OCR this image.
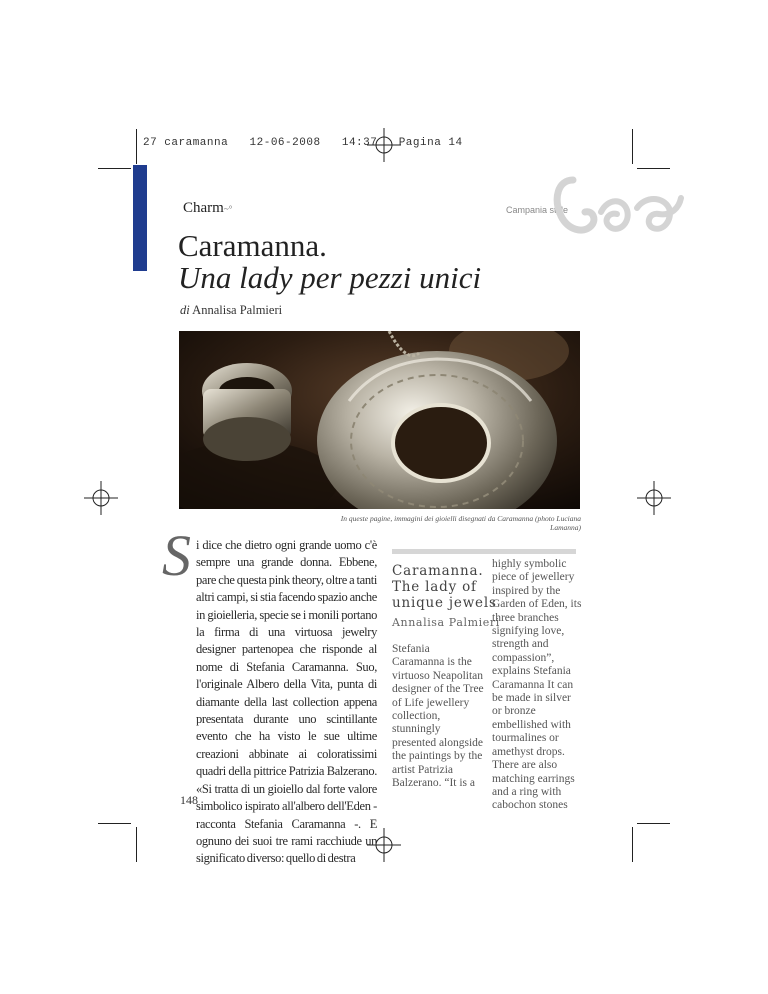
27 caramanna 12-06-2008 14:37 Pagina 14
Charm~°	Campania style
Caramanna.
Una lady per pezzi unici
di Annalisa Palmieri
In queste pagine, immagini dei gioielli disegnati da Caramanna (photo Luciana Lamanna)
S i dice che dietro ogni grande uomo c'è sempre una grande donna. Ebbene, pare che questa pink theory, oltre a tanti altri campi, si stia facendo spazio anche in gioielleria, specie se i monili portano la firma di una virtuosa jewelry designer partenopea che risponde al nome di Stefania Caramanna. Suo, l'originale Albero della Vita, punta di diamante della last collection appena presentata durante uno scintillante evento che ha visto le sue ultime creazioni abbinate ai coloratissimi quadri della pittrice Patrizia Balzerano. «Si tratta di un gioiello dal forte valore simbolico ispirato all'albero dell'Eden - racconta Stefania Caramanna -. E ognuno dei suoi tre rami racchiude un significato diverso: quello di destra
Caramanna. The lady of unique jewels
Annalisa Palmieri
Stefania Caramanna is the virtuoso Neapolitan designer of the Tree of Life jewellery collection, stunningly presented alongside the paintings by the artist Patrizia Balzerano. “It is a
highly symbolic piece of jewellery inspired by the Garden of Eden, its three branches signifying love, strength and compassion”, explains Stefania Caramanna It can be made in silver or bronze embellished with tourmalines or amethyst drops. There are also matching earrings and a ring with cabochon stones
148
